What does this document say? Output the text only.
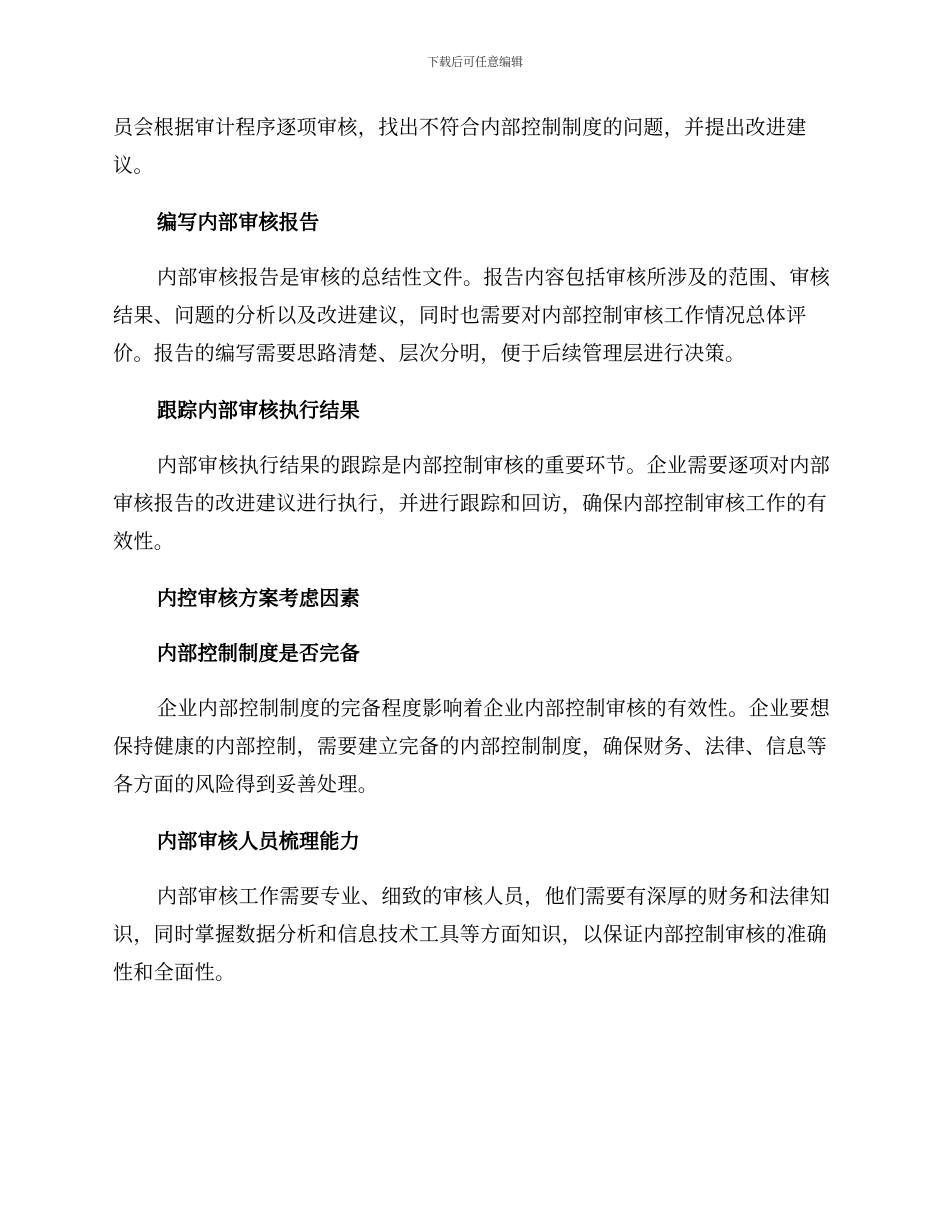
下载后可任意编辑

员会根据审计程序逐项审核，找出不符合内部控制制度的问题，并提出改进建议。

编写内部审核报告

内部审核报告是审核的总结性文件。报告内容包括审核所涉及的范围、审核结果、问题的分析以及改进建议，同时也需要对内部控制审核工作情况总体评价。报告的编写需要思路清楚、层次分明，便于后续管理层进行决策。

跟踪内部审核执行结果

内部审核执行结果的跟踪是内部控制审核的重要环节。企业需要逐项对内部审核报告的改进建议进行执行，并进行跟踪和回访，确保内部控制审核工作的有效性。

内控审核方案考虑因素
内部控制制度是否完备

企业内部控制制度的完备程度影响着企业内部控制审核的有效性。企业要想保持健康的内部控制，需要建立完备的内部控制制度，确保财务、法律、信息等各方面的风险得到妥善处理。

内部审核人员梳理能力

内部审核工作需要专业、细致的审核人员，他们需要有深厚的财务和法律知识，同时掌握数据分析和信息技术工具等方面知识，以保证内部控制审核的准确性和全面性。
